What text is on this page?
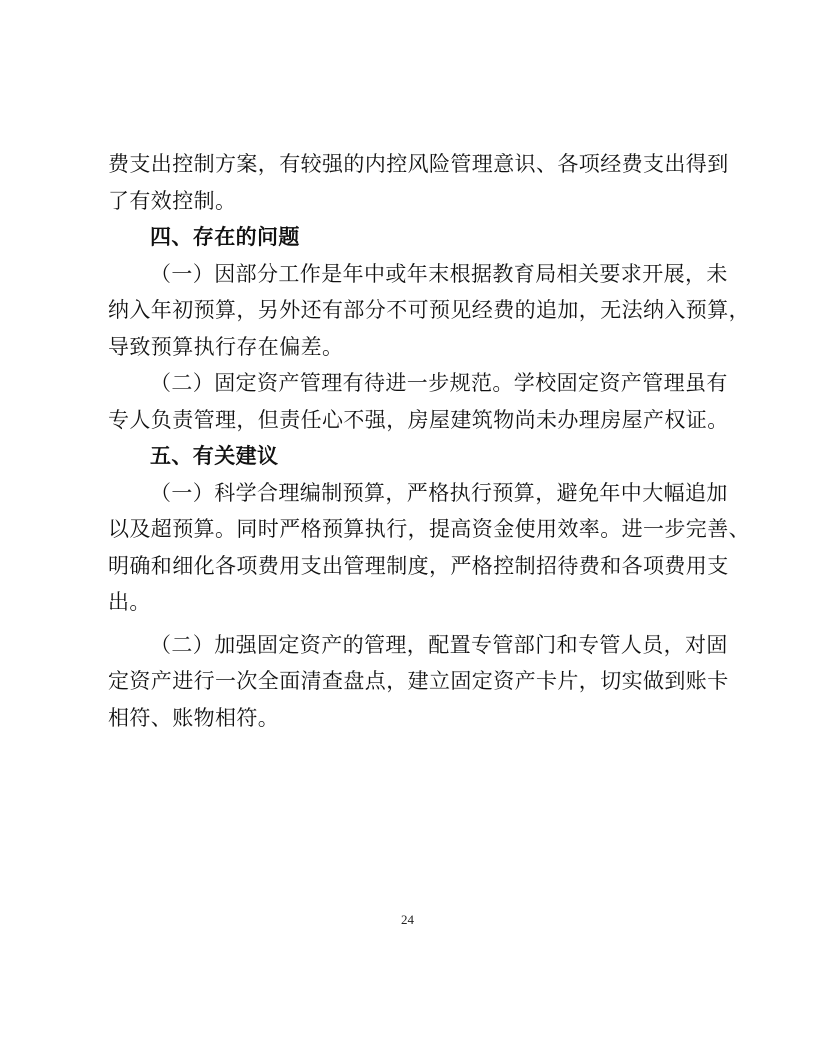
费支出控制方案，有较强的内控风险管理意识、各项经费支出得到
了有效控制。
四、存在的问题
（一）因部分工作是年中或年末根据教育局相关要求开展，未
纳入年初预算，另外还有部分不可预见经费的追加，无法纳入预算，
导致预算执行存在偏差。
（二）固定资产管理有待进一步规范。学校固定资产管理虽有
专人负责管理，但责任心不强，房屋建筑物尚未办理房屋产权证。
五、有关建议
（一）科学合理编制预算，严格执行预算，避免年中大幅追加
以及超预算。同时严格预算执行，提高资金使用效率。进一步完善、
明确和细化各项费用支出管理制度，严格控制招待费和各项费用支
出。
（二）加强固定资产的管理，配置专管部门和专管人员，对固
定资产进行一次全面清查盘点，建立固定资产卡片，切实做到账卡
相符、账物相符。
24
